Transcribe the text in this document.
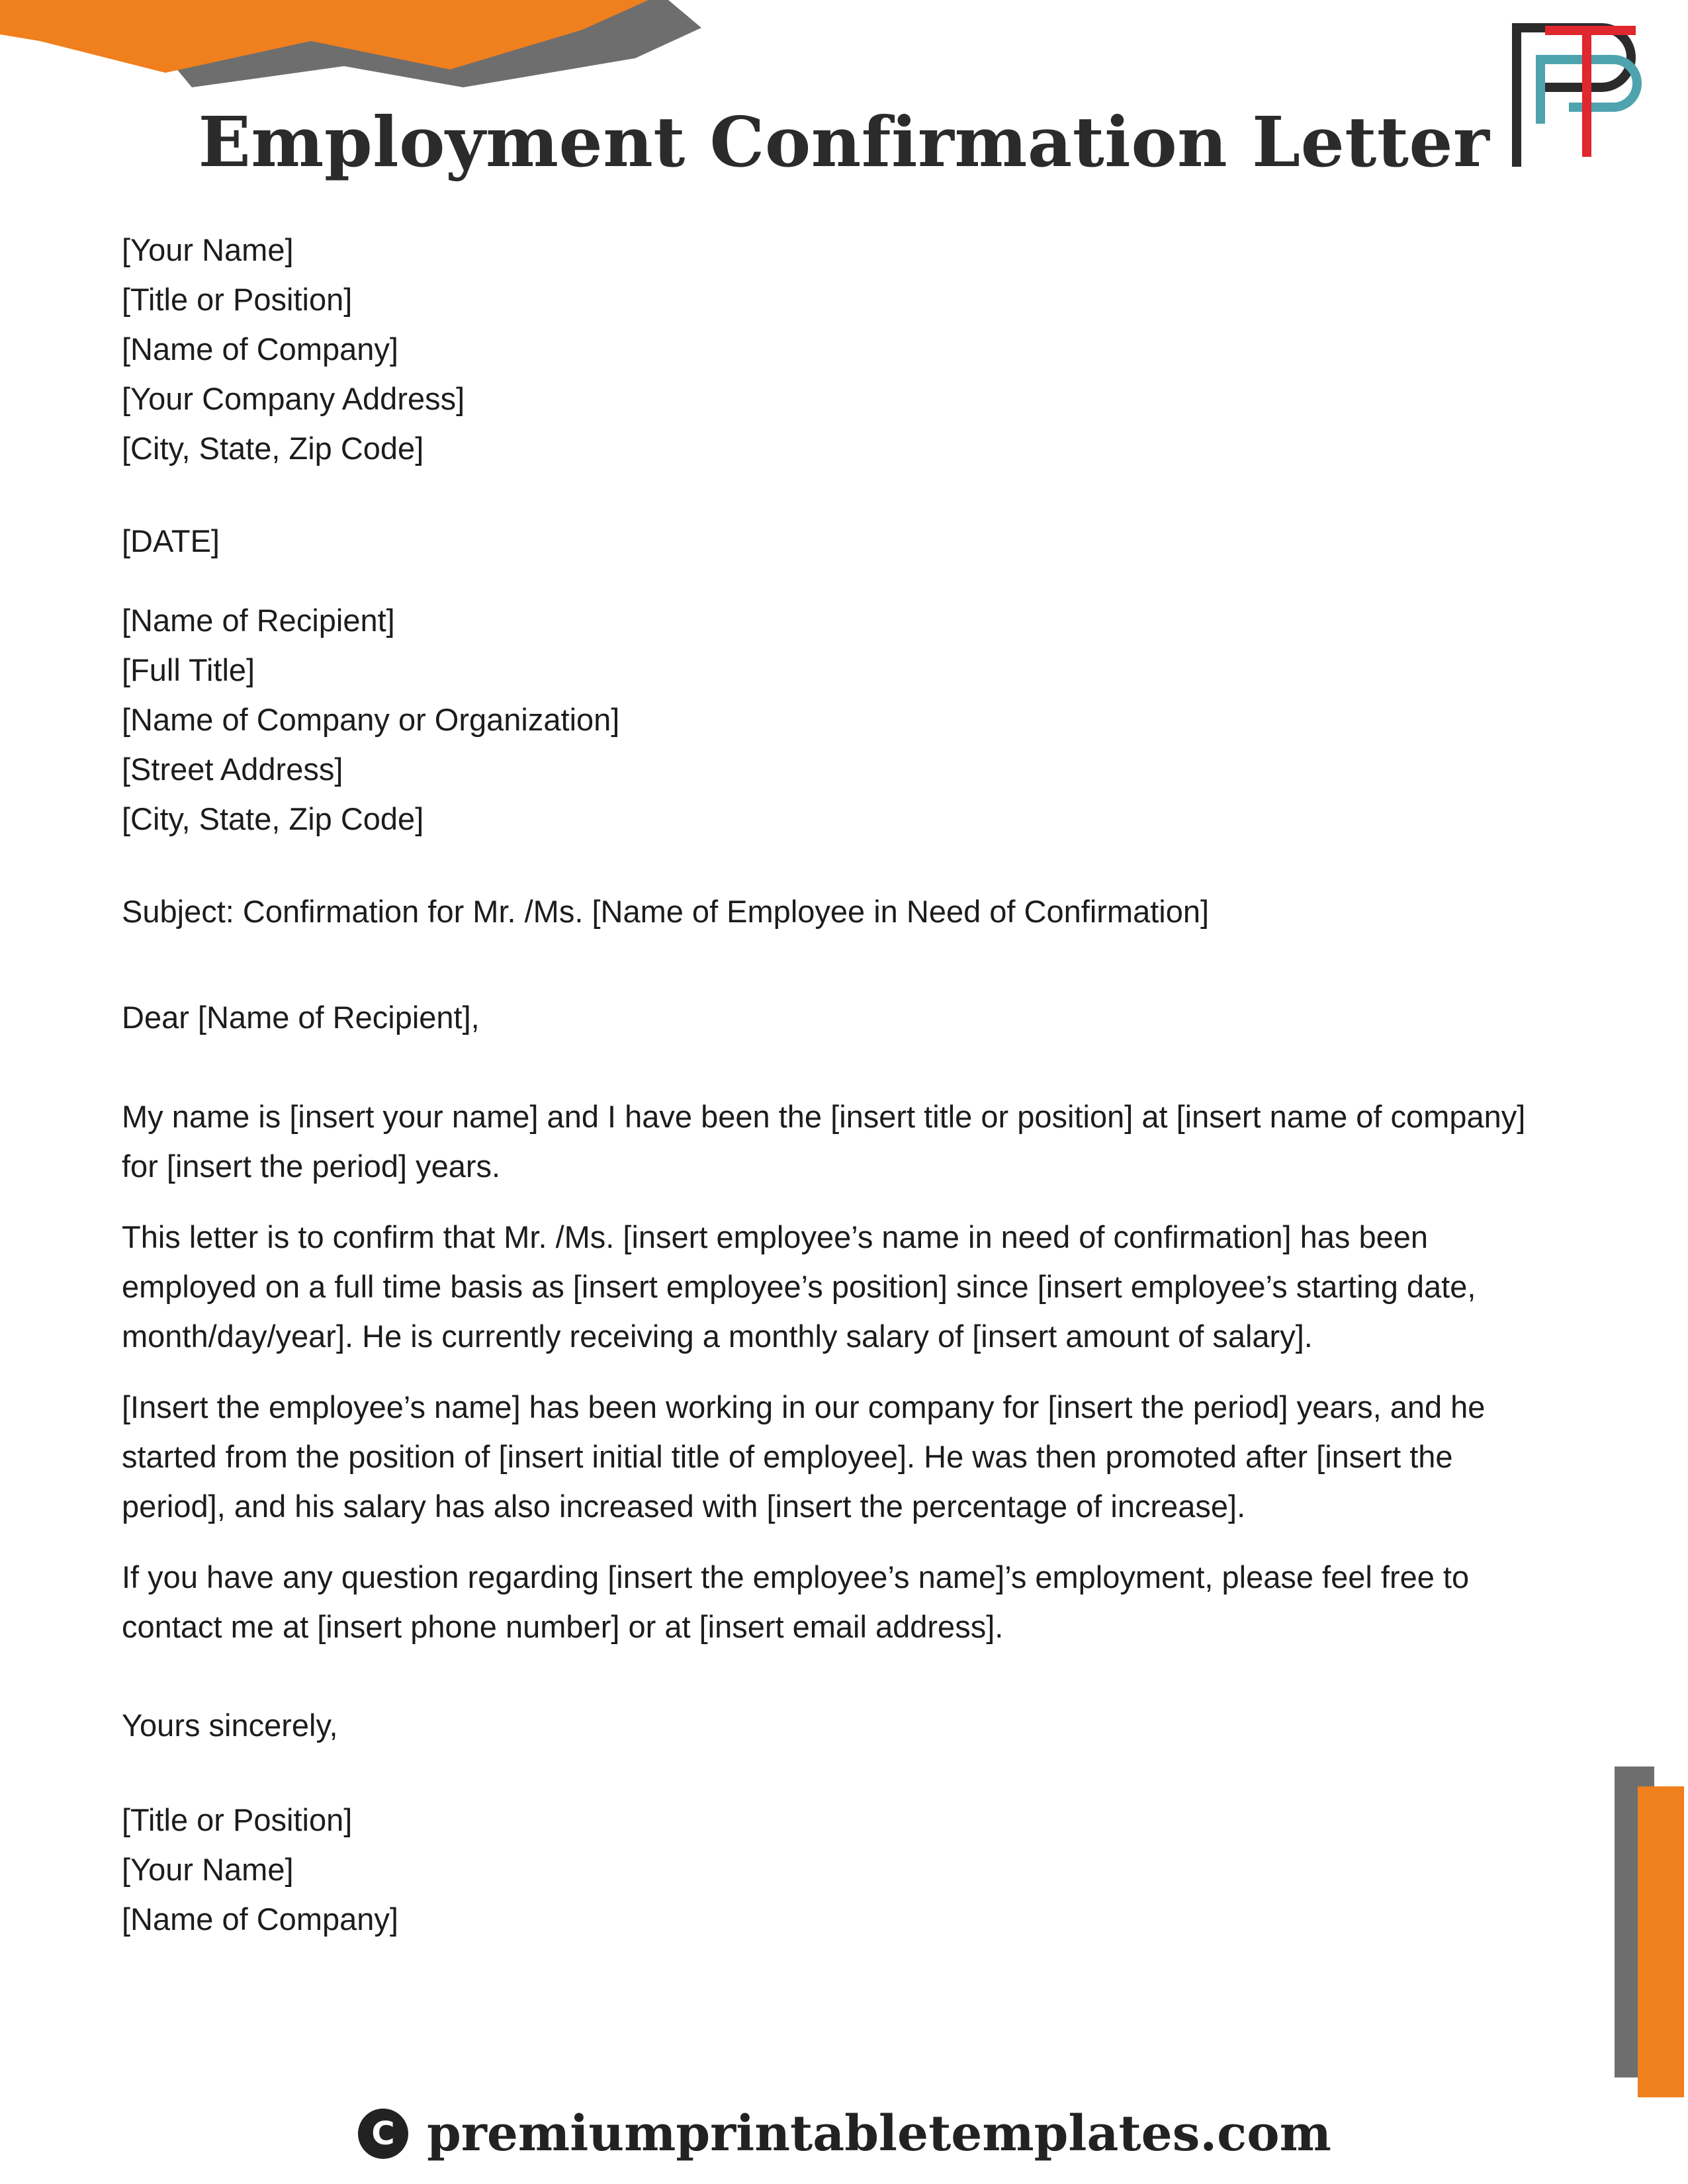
Employment Confirmation Letter
[Your Name]
[Title or Position]
[Name of Company]
[Your Company Address]
[City, State, Zip Code]
[DATE]
[Name of Recipient]
[Full Title]
[Name of Company or Organization]
[Street Address]
[City, State, Zip Code]
Subject: Confirmation for Mr. /Ms. [Name of Employee in Need of Confirmation]
Dear [Name of Recipient],

My name is [insert your name] and I have been the [insert title or position] at [insert name of company] for [insert the period] years.

This letter is to confirm that Mr. /Ms. [insert employee’s name in need of confirmation] has been employed on a full time basis as [insert employee’s position] since [insert employee’s starting date, month/day/year]. He is currently receiving a monthly salary of [insert amount of salary].

[Insert the employee’s name] has been working in our company for [insert the period] years, and he started from the position of [insert initial title of employee]. He was then promoted after [insert the period], and his salary has also increased with [insert the percentage of increase].

If you have any question regarding [insert the employee’s name]’s employment, please feel free to contact me at [insert phone number] or at [insert email address].

Yours sincerely,
[Title or Position]
[Your Name]
[Name of Company]
C premiumprintabletemplates.com
